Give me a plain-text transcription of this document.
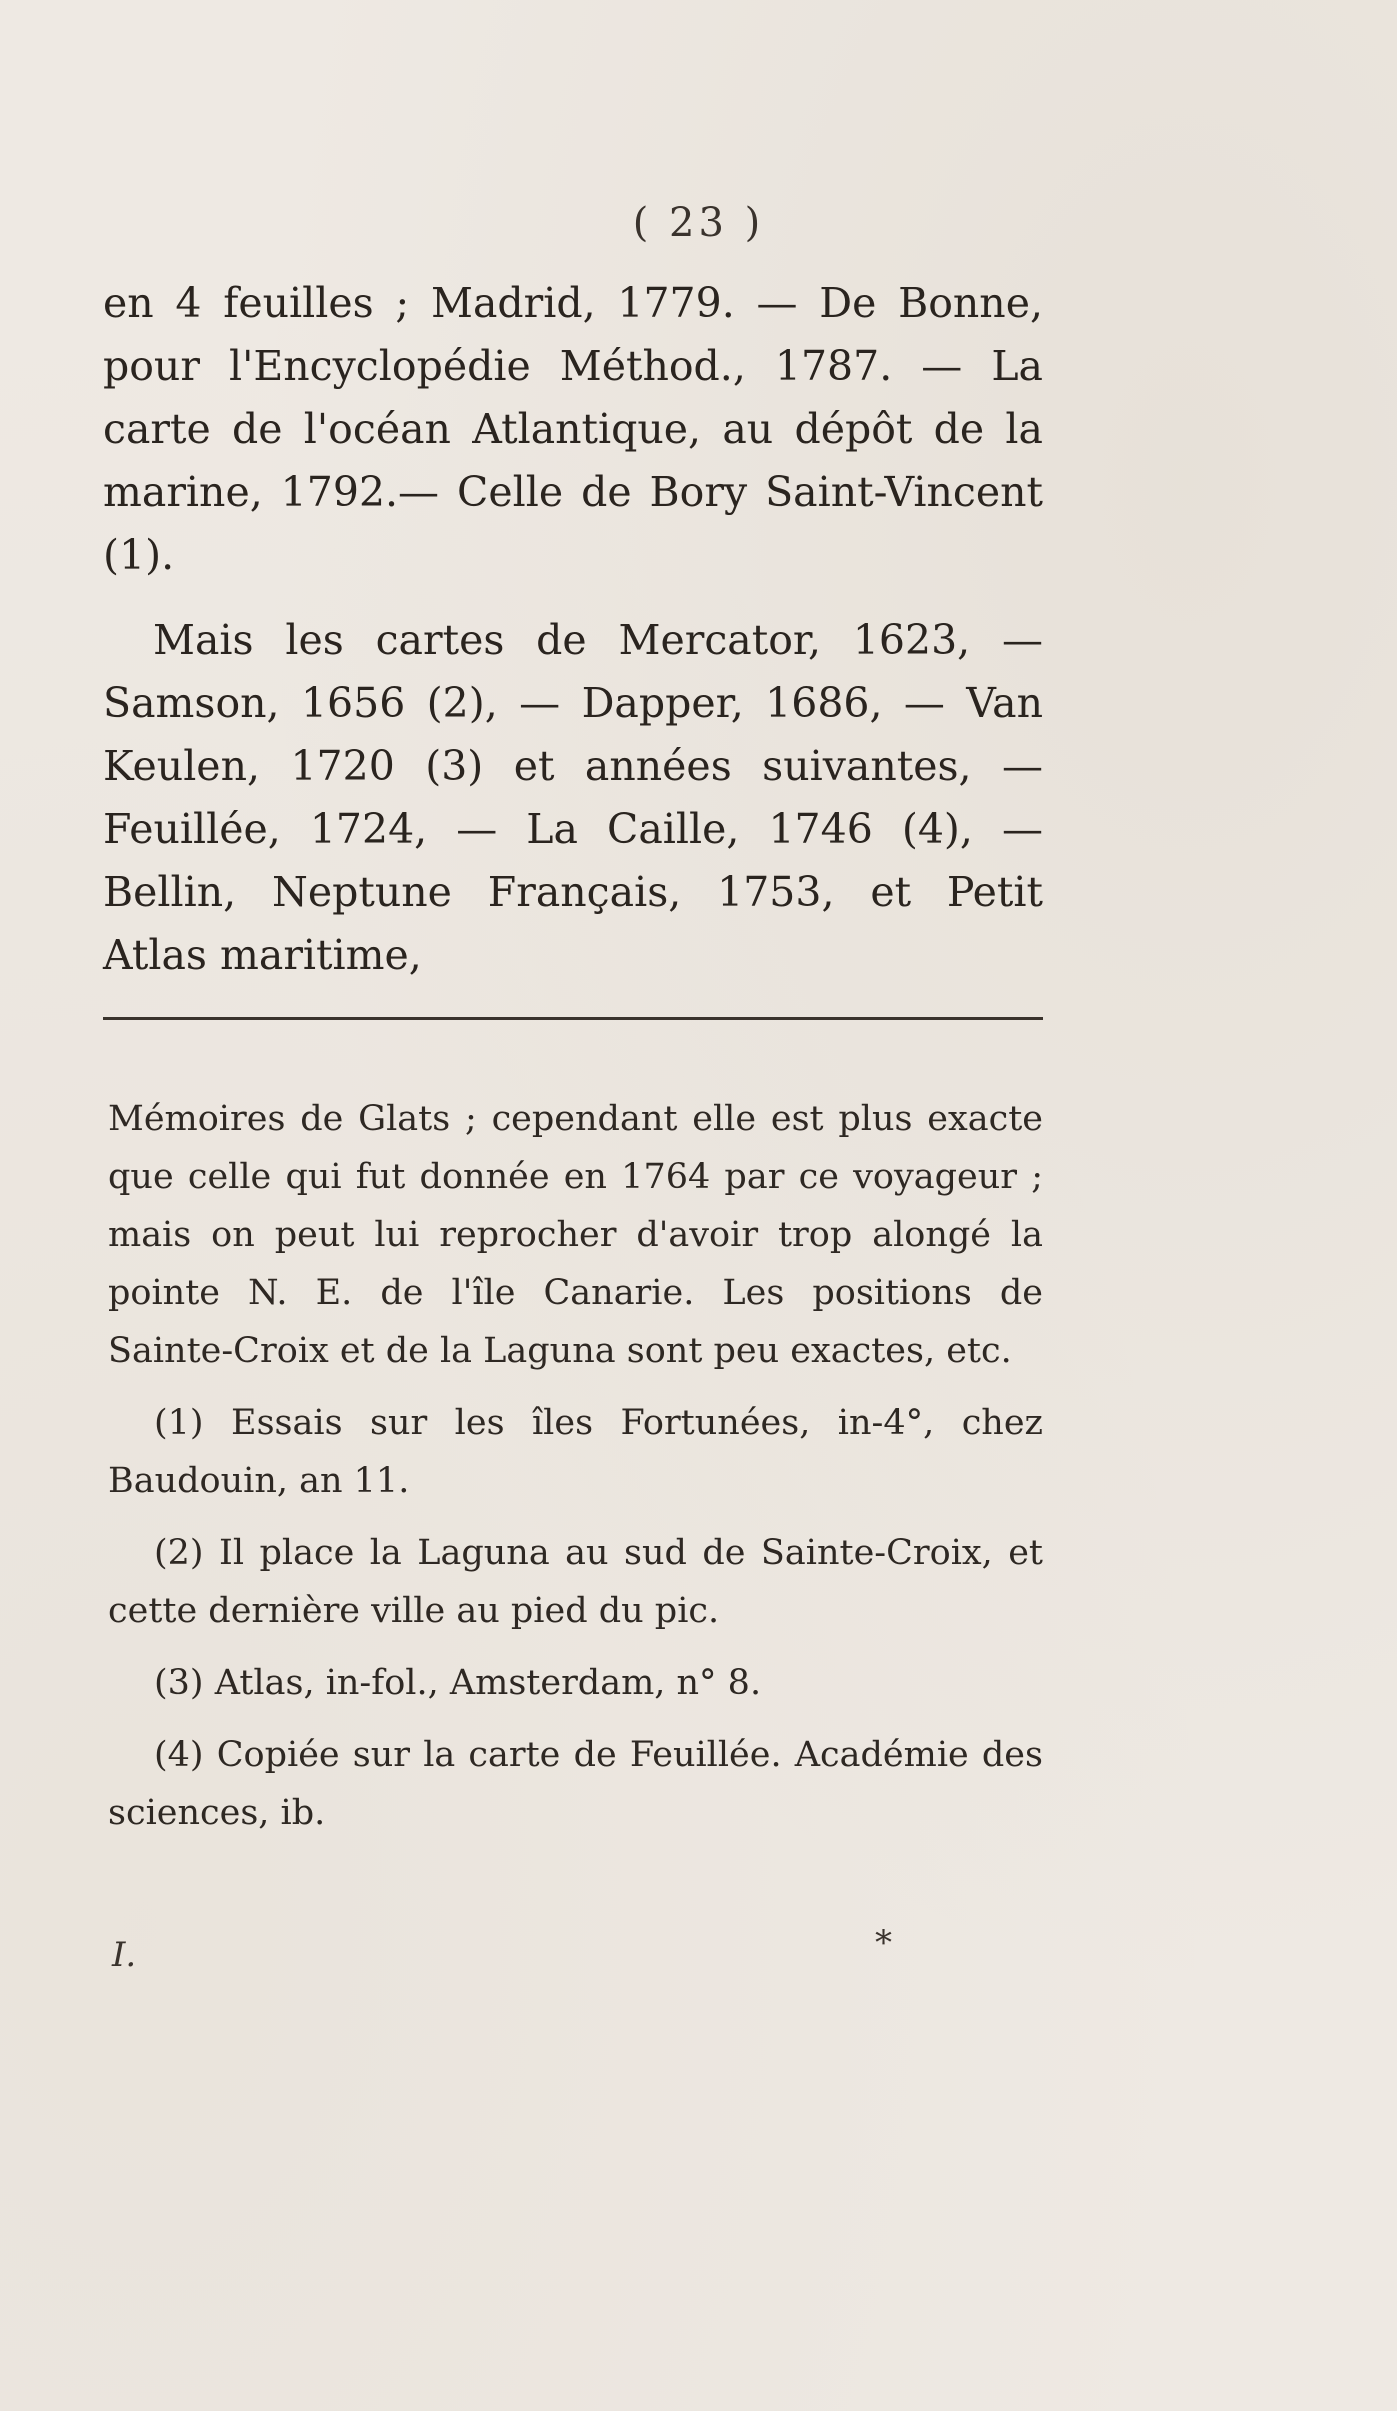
( 23 )

en 4 feuilles ; Madrid, 1779. — De Bonne, pour l'Encyclopédie Méthod., 1787. — La carte de l'océan Atlantique, au dépôt de la marine, 1792.— Celle de Bory Saint-Vincent (1).

Mais les cartes de Mercator, 1623, — Samson, 1656 (2), — Dapper, 1686, — Van Keulen, 1720 (3) et années suivantes, — Feuillée, 1724, — La Caille, 1746 (4), — Bellin, Neptune Français, 1753, et Petit Atlas maritime,

Mémoires de Glats ; cependant elle est plus exacte que celle qui fut donnée en 1764 par ce voyageur ; mais on peut lui reprocher d'avoir trop alongé la pointe N. E. de l'île Canarie. Les positions de Sainte-Croix et de la Laguna sont peu exactes, etc.

(1) Essais sur les îles Fortunées, in-4°, chez Baudouin, an 11.

(2) Il place la Laguna au sud de Sainte-Croix, et cette dernière ville au pied du pic.

(3) Atlas, in-fol., Amsterdam, n° 8.

(4) Copiée sur la carte de Feuillée. Académie des sciences, ib.

I.	*
